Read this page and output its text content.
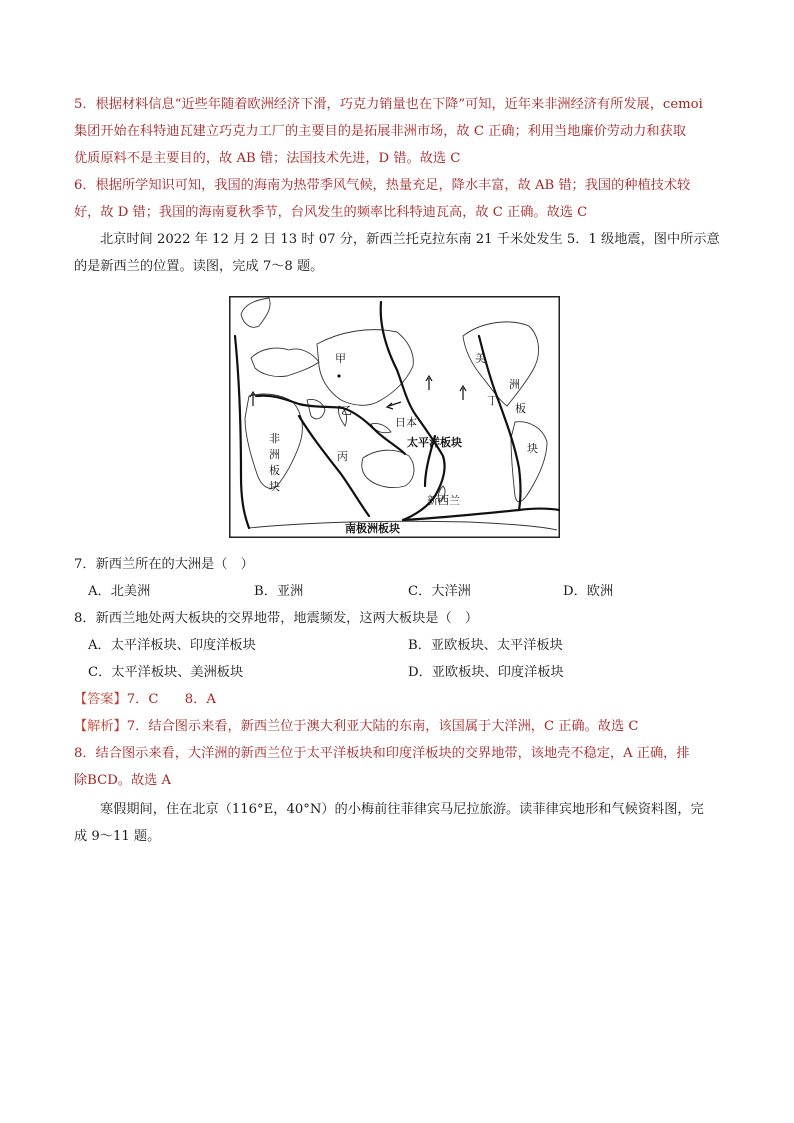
5．根据材料信息“近些年随着欧洲经济下滑，巧克力销量也在下降”可知，近年来非洲经济有所发展，cemoi
集团开始在科特迪瓦建立巧克力工厂的主要目的是拓展非洲市场，故 C 正确；利用当地廉价劳动力和获取
优质原料不是主要目的，故 AB 错；法国技术先进，D 错。故选 C
6．根据所学知识可知，我国的海南为热带季风气候，热量充足，降水丰富，故 AB 错；我国的种植技术较
好，故 D 错；我国的海南夏秋季节，台风发生的频率比科特迪瓦高，故 C 正确。故选 C
北京时间 2022 年 12 月 2 日 13 时 07 分，新西兰托克拉东南 21 千米处发生 5．1 级地震，图中所示意
的是新西兰的位置。读图，完成 7～8 题。
甲
乙
丙
丁
日本
太平洋板块
新西兰
南极洲板块
非
洲
板
块
美
洲
板
块
7．新西兰所在的大洲是（　）
A．北美洲	B．亚洲	C．大洋洲	D．欧洲
8．新西兰地处两大板块的交界地带，地震频发，这两大板块是（　）
A．太平洋板块、印度洋板块	B．亚欧板块、太平洋板块
C．太平洋板块、美洲板块	D．亚欧板块、印度洋板块
【答案】7．C　　8．A
【解析】7．结合图示来看，新西兰位于澳大利亚大陆的东南，该国属于大洋洲，C 正确。故选 C
8．结合图示来看，大洋洲的新西兰位于太平洋板块和印度洋板块的交界地带，该地壳不稳定，A 正确，排
除BCD。故选 A
寒假期间，住在北京（116°E，40°N）的小梅前往菲律宾马尼拉旅游。读菲律宾地形和气候资料图，完
成 9～11 题。
